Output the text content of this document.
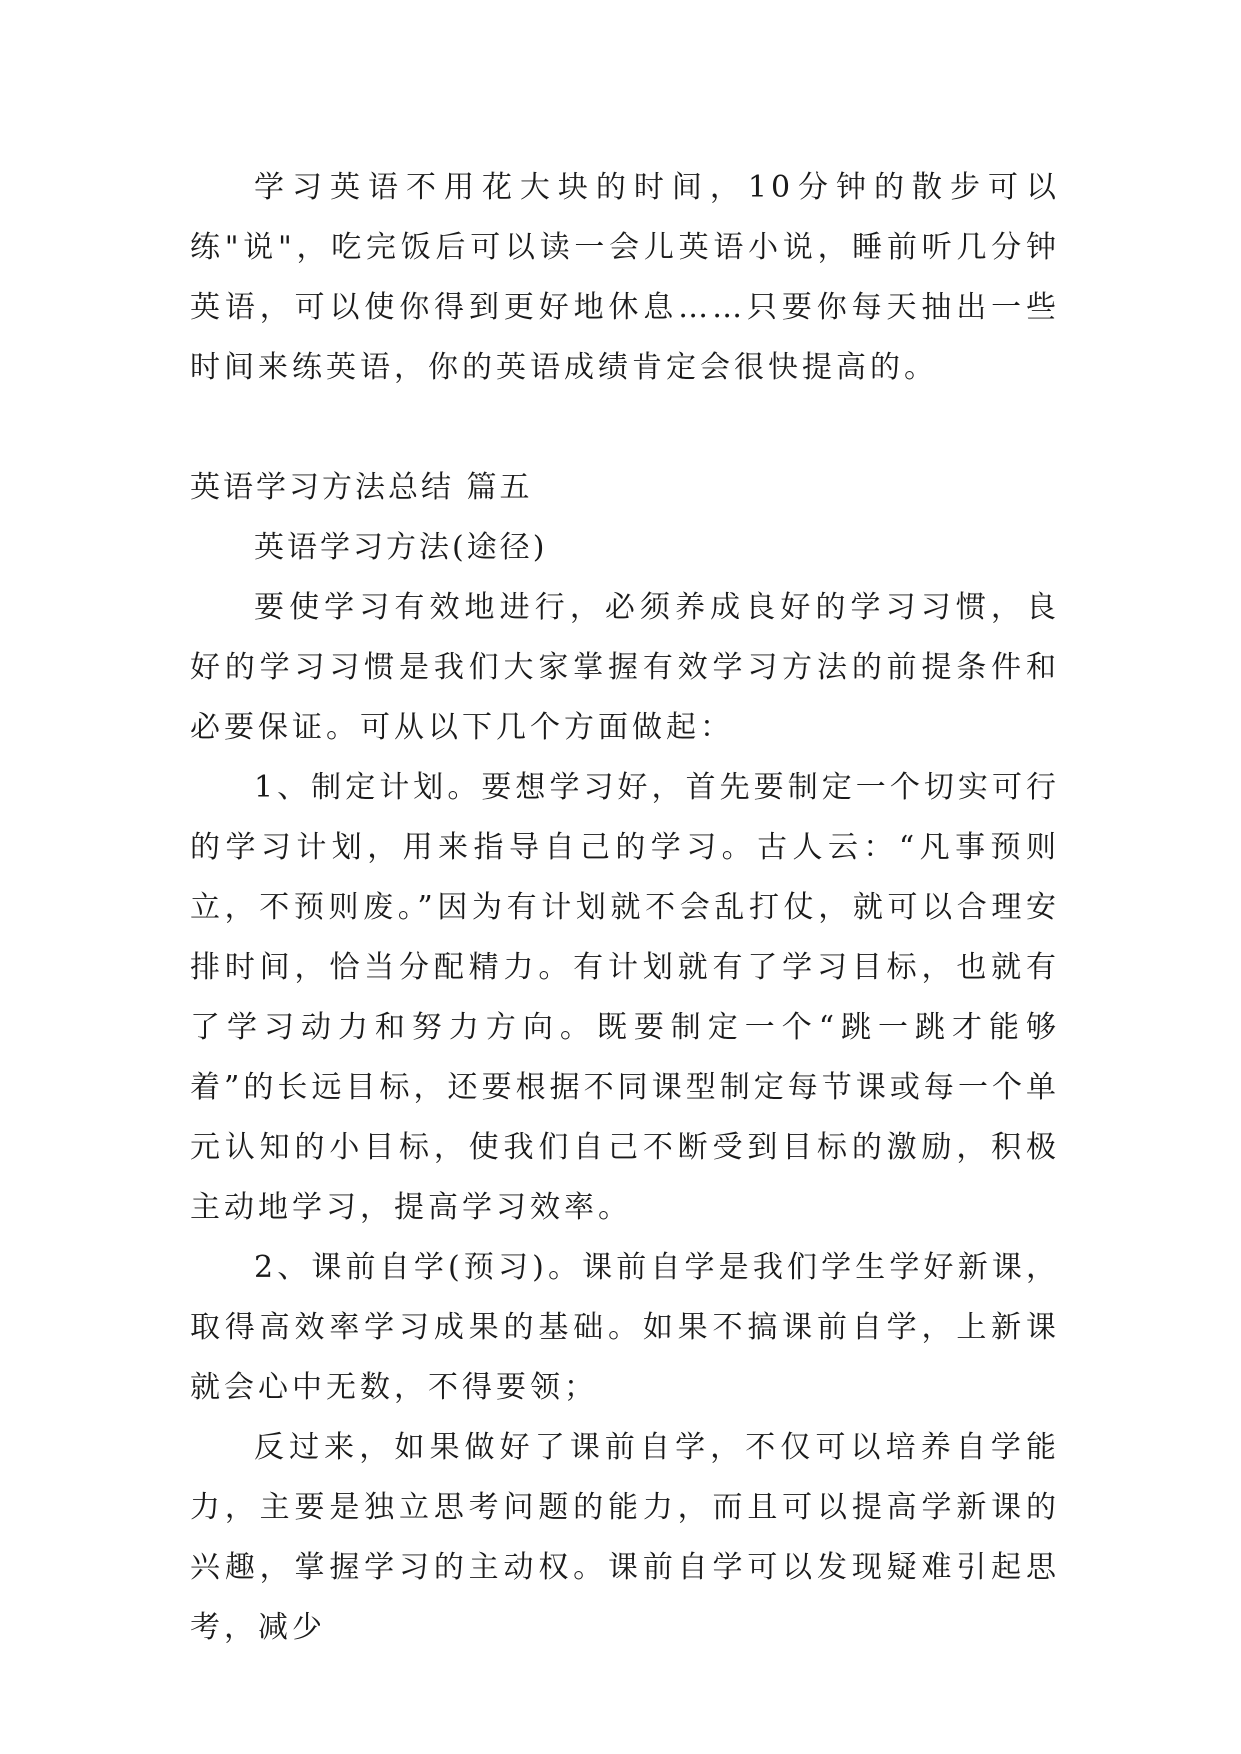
学习英语不用花大块的时间，10分钟的散步可以练"说"，吃完饭后可以读一会儿英语小说，睡前听几分钟英语，可以使你得到更好地休息……只要你每天抽出一些时间来练英语，你的英语成绩肯定会很快提高的。

英语学习方法总结 篇五

英语学习方法(途径)

要使学习有效地进行，必须养成良好的学习习惯，良好的学习习惯是我们大家掌握有效学习方法的前提条件和必要保证。可从以下几个方面做起：

1、制定计划。要想学习好，首先要制定一个切实可行的学习计划，用来指导自己的学习。古人云：“凡事预则立，不预则废。”因为有计划就不会乱打仗，就可以合理安排时间，恰当分配精力。有计划就有了学习目标，也就有了学习动力和努力方向。既要制定一个“跳一跳才能够着”的长远目标，还要根据不同课型制定每节课或每一个单元认知的小目标，使我们自己不断受到目标的激励，积极主动地学习，提高学习效率。

2、课前自学(预习)。课前自学是我们学生学好新课，取得高效率学习成果的基础。如果不搞课前自学，上新课就会心中无数，不得要领；

反过来，如果做好了课前自学，不仅可以培养自学能力，主要是独立思考问题的能力，而且可以提高学新课的兴趣，掌握学习的主动权。课前自学可以发现疑难引起思考，减少
